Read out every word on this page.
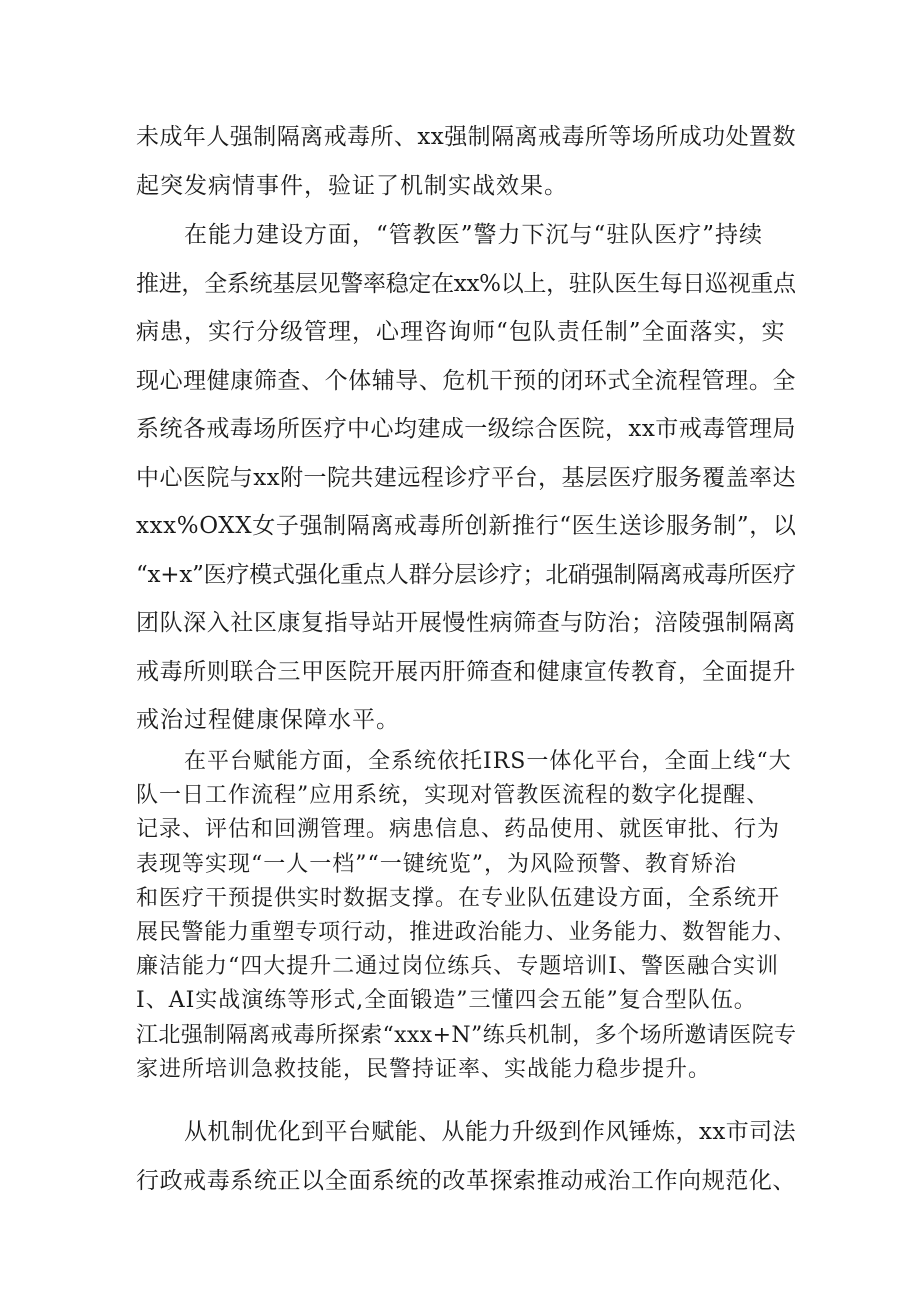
未成年人强制隔离戒毒所、xx强制隔离戒毒所等场所成功处置数
起突发病情事件，验证了机制实战效果。
在能力建设方面，“管教医”警力下沉与“驻队医疗”持续
推进，全系统基层见警率稳定在xx%以上，驻队医生每日巡视重点
病患，实行分级管理，心理咨询师“包队责任制”全面落实，实
现心理健康筛查、个体辅导、危机干预的闭环式全流程管理。全
系统各戒毒场所医疗中心均建成一级综合医院，xx市戒毒管理局
中心医院与xx附一院共建远程诊疗平台，基层医疗服务覆盖率达
xxx%OXX女子强制隔离戒毒所创新推行“医生送诊服务制”，以
“x+x”医疗模式强化重点人群分层诊疗；北硝强制隔离戒毒所医疗
团队深入社区康复指导站开展慢性病筛查与防治；涪陵强制隔离
戒毒所则联合三甲医院开展丙肝筛查和健康宣传教育，全面提升
戒治过程健康保障水平。
在平台赋能方面，全系统依托IRS一体化平台，全面上线“大
队一日工作流程”应用系统，实现对管教医流程的数字化提醒、
记录、评估和回溯管理。病患信息、药品使用、就医审批、行为
表现等实现“一人一档”“一键统览”，为风险预警、教育矫治
和医疗干预提供实时数据支撑。在专业队伍建设方面，全系统开
展民警能力重塑专项行动，推进政治能力、业务能力、数智能力、
廉洁能力“四大提升二通过岗位练兵、专题培训I、警医融合实训
I、AI实战演练等形式,全面锻造”三懂四会五能”复合型队伍。
江北强制隔离戒毒所探索“xxx+N”练兵机制，多个场所邀请医院专
家进所培训急救技能，民警持证率、实战能力稳步提升。
从机制优化到平台赋能、从能力升级到作风锤炼，xx市司法
行政戒毒系统正以全面系统的改革探索推动戒治工作向规范化、
